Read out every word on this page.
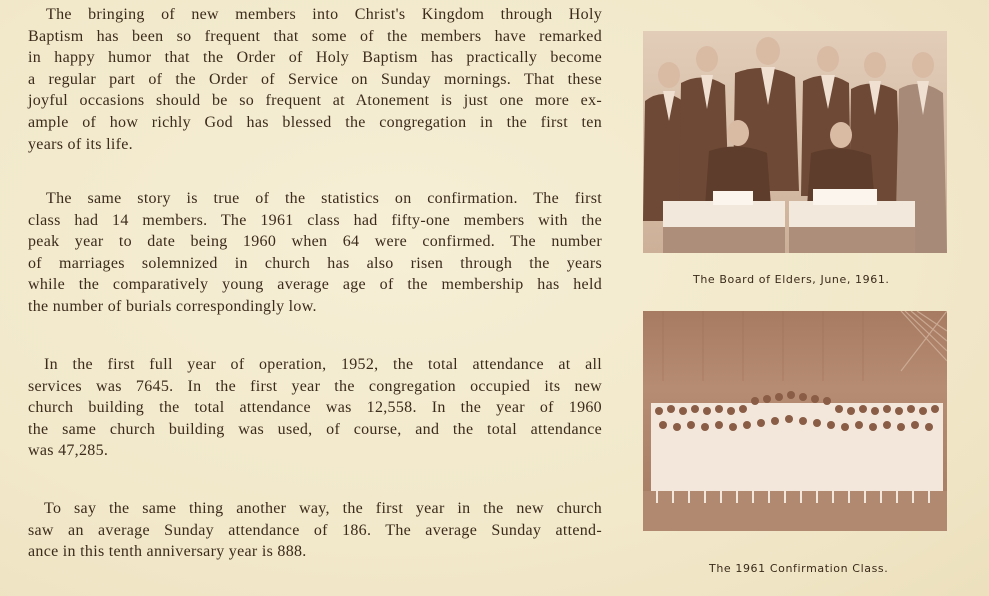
The bringing of new members into Christ's Kingdom through Holy
Baptism has been so frequent that some of the members have remarked
in happy humor that the Order of Holy Baptism has practically become
a regular part of the Order of Service on Sunday mornings. That these
joyful occasions should be so frequent at Atonement is just one more ex-
ample of how richly God has blessed the congregation in the first ten
years of its life.

The same story is true of the statistics on confirmation. The first
class had 14 members. The 1961 class had fifty-one members with the
peak year to date being 1960 when 64 were confirmed. The number
of marriages solemnized in church has also risen through the years
while the comparatively young average age of the membership has held
the number of burials correspondingly low.

In the first full year of operation, 1952, the total attendance at all
services was 7645. In the first year the congregation occupied its new
church building the total attendance was 12,558. In the year of 1960
the same church building was used, of course, and the total attendance
was 47,285.

To say the same thing another way, the first year in the new church
saw an average Sunday attendance of 186. The average Sunday attend-
ance in this tenth anniversary year is 888.

The Board of Elders, June, 1961.
The 1961 Confirmation Class.
